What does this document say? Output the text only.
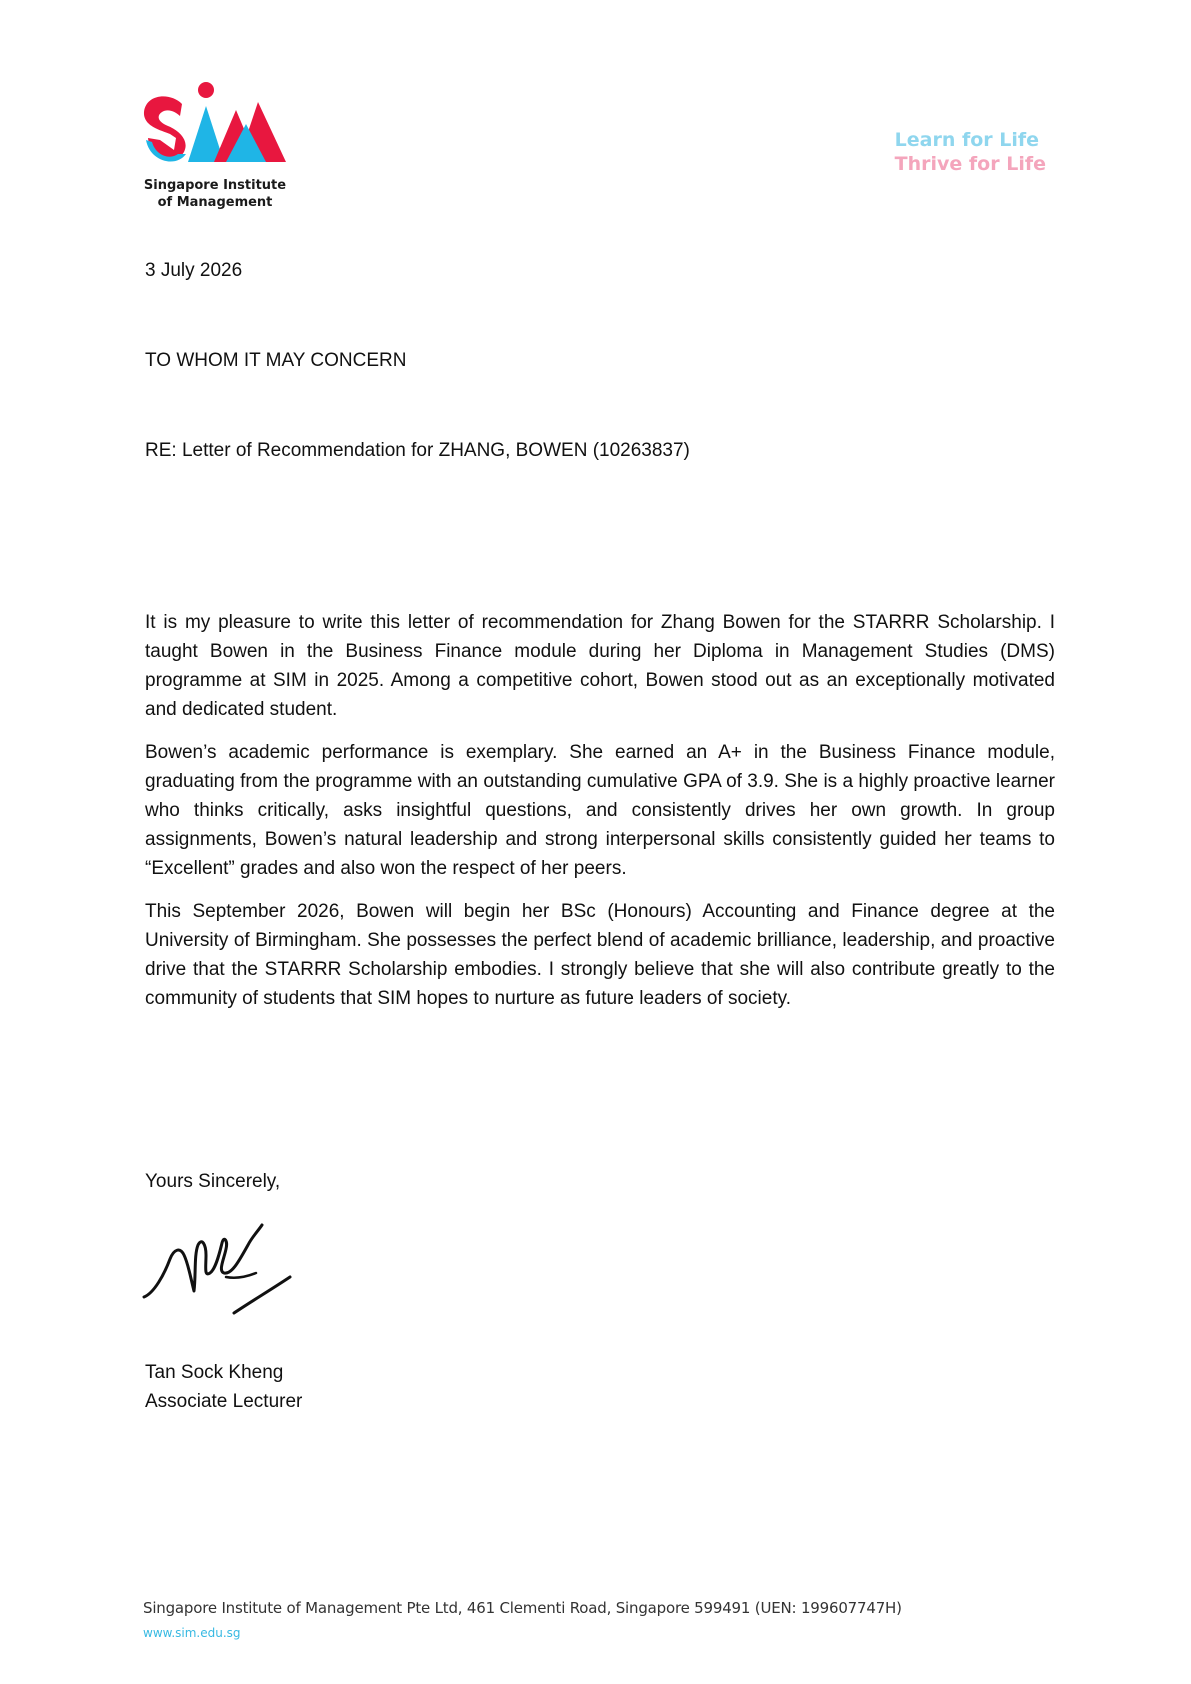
Singapore Institute
of Management
Learn for Life
Thrive for Life
3 July 2026
TO WHOM IT MAY CONCERN
RE: Letter of Recommendation for ZHANG, BOWEN (10263837)

It is my pleasure to write this letter of recommendation for Zhang Bowen for the STARRR Scholarship. I taught Bowen in the Business Finance module during her Diploma in Management Studies (DMS) programme at SIM in 2025. Among a competitive cohort, Bowen stood out as an exceptionally motivated and dedicated student.

Bowen’s academic performance is exemplary. She earned an A+ in the Business Finance module, graduating from the programme with an outstanding cumulative GPA of 3.9. She is a highly proactive learner who thinks critically, asks insightful questions, and consistently drives her own growth. In group assignments, Bowen’s natural leadership and strong interpersonal skills consistently guided her teams to “Excellent” grades and also won the respect of her peers.

This September 2026, Bowen will begin her BSc (Honours) Accounting and Finance degree at the University of Birmingham. She possesses the perfect blend of academic brilliance, leadership, and proactive drive that the STARRR Scholarship embodies. I strongly believe that she will also contribute greatly to the community of students that SIM hopes to nurture as future leaders of society.

Yours Sincerely,
Tan Sock Kheng
Associate Lecturer
Singapore Institute of Management Pte Ltd, 461 Clementi Road, Singapore 599491 (UEN: 199607747H)
www.sim.edu.sg
